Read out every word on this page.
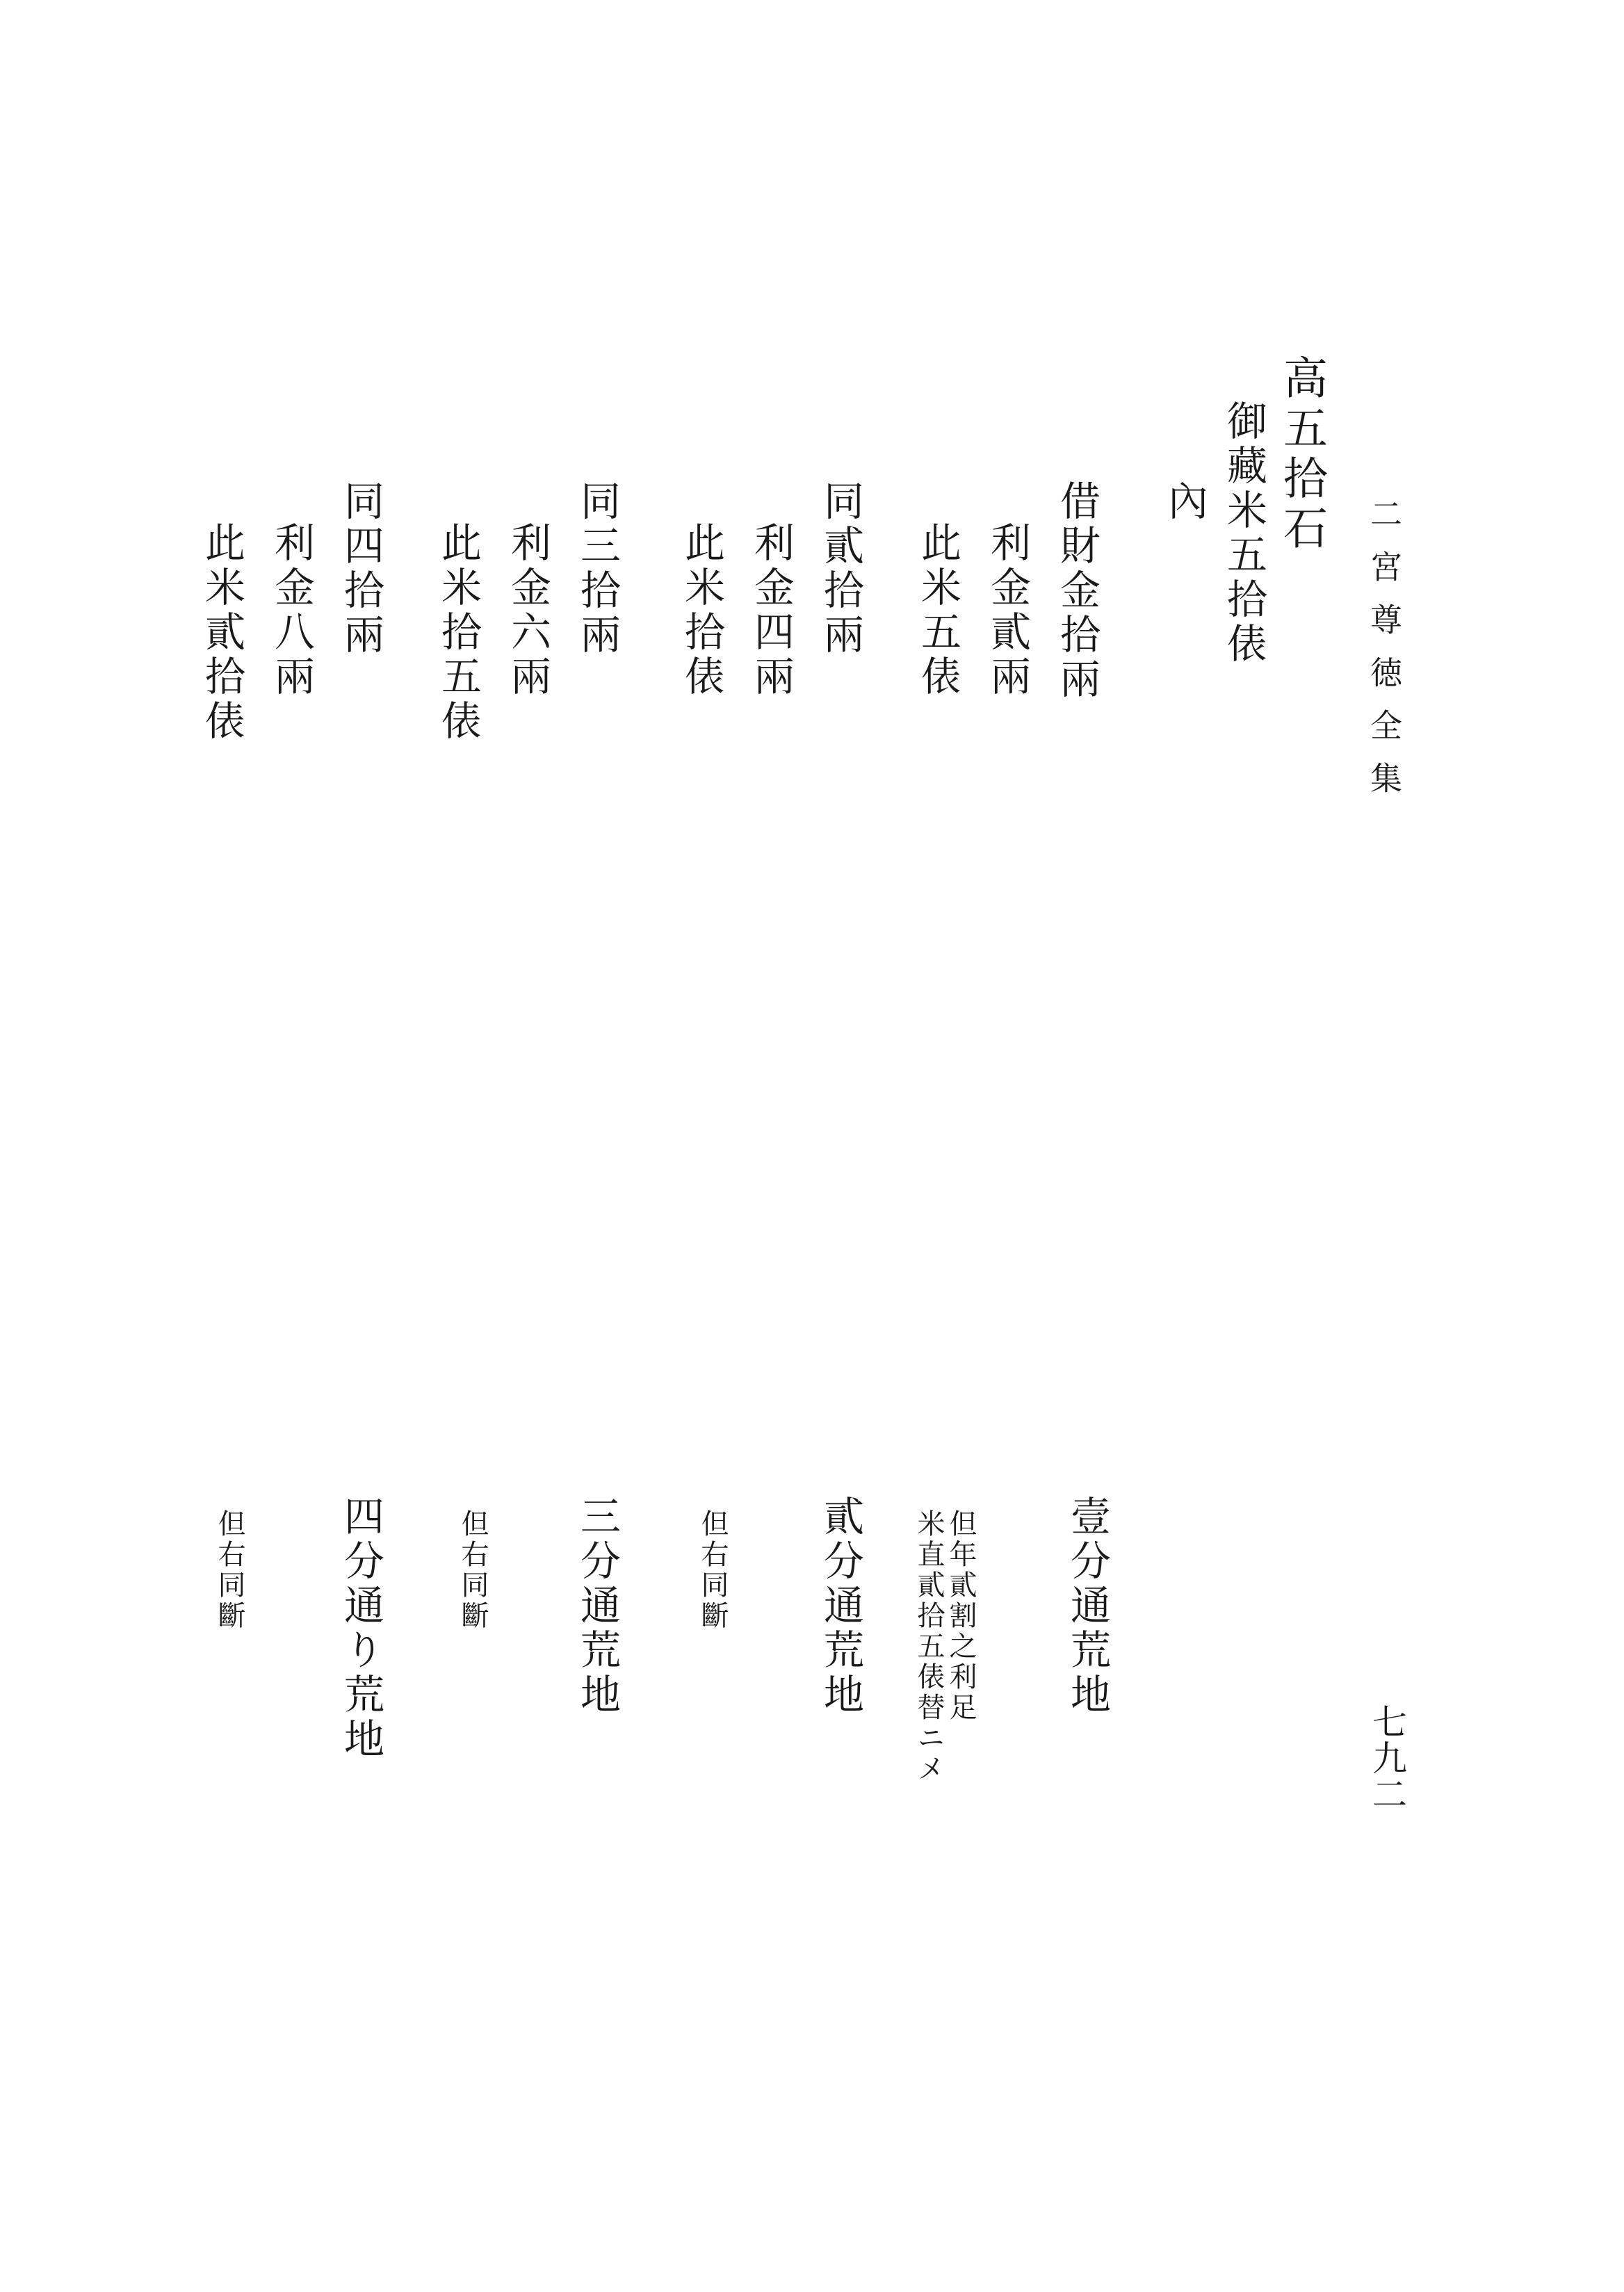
二宮尊徳全集
七九二
高五拾石
御藏米五拾俵
內
借財金拾兩
利金貳兩
此米五俵
同貳拾兩
利金四兩
此米拾俵
同三拾兩
利金六兩
此米拾五俵
同四拾兩
利金八兩
此米貳拾俵
壹分通荒地
但年貳割之利足
米直貳拾五俵替ニメ
貳分通荒地
但右同斷
三分通荒地
但右同斷
四分通り荒地
但右同斷
